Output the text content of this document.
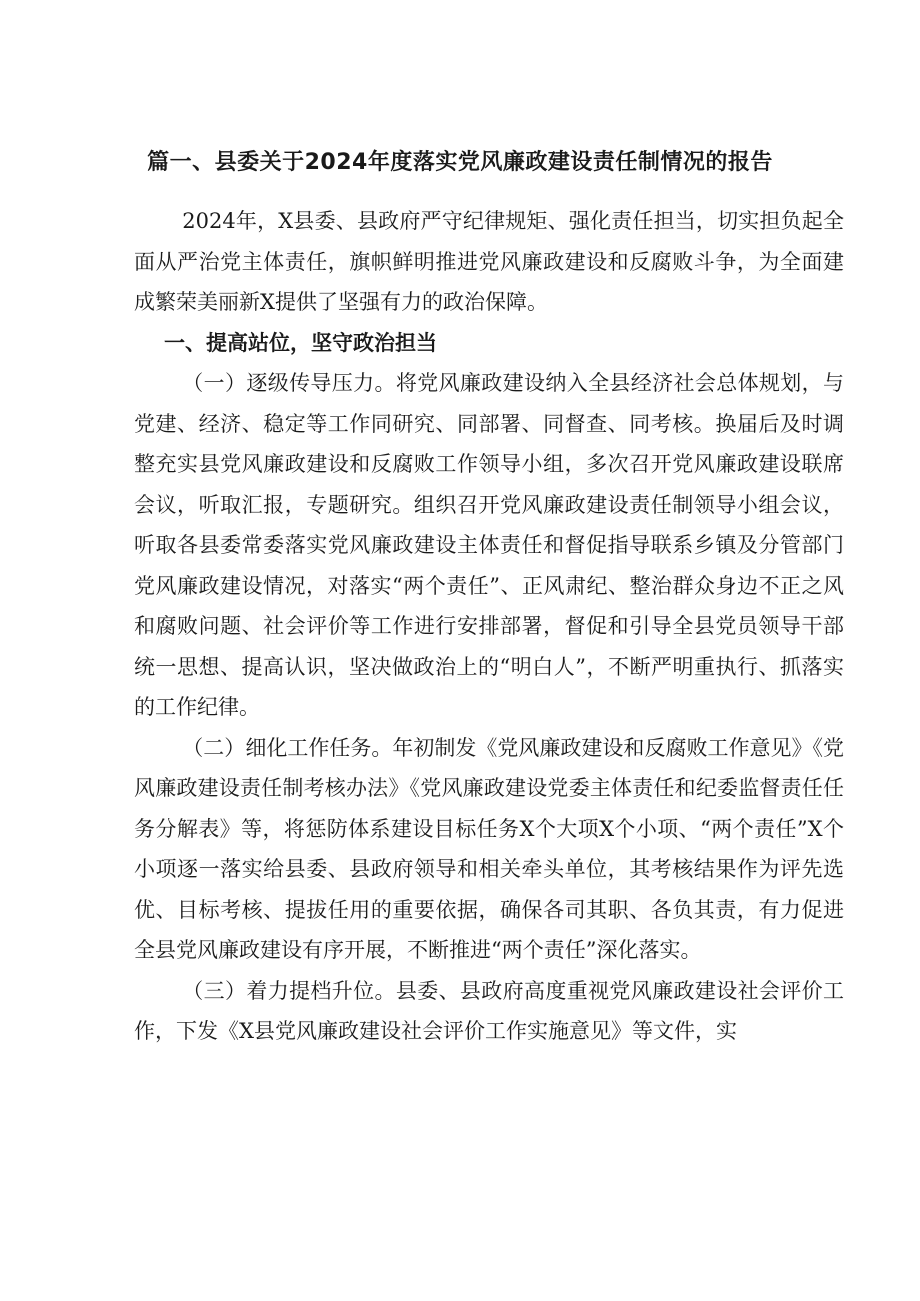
篇一、县委关于2024年度落实党风廉政建设责任制情况的报告

2024年，X县委、县政府严守纪律规矩、强化责任担当，切实担负起全面从严治党主体责任，旗帜鲜明推进党风廉政建设和反腐败斗争，为全面建成繁荣美丽新X提供了坚强有力的政治保障。

一、提高站位，坚守政治担当

（一）逐级传导压力。将党风廉政建设纳入全县经济社会总体规划，与党建、经济、稳定等工作同研究、同部署、同督查、同考核。换届后及时调整充实县党风廉政建设和反腐败工作领导小组，多次召开党风廉政建设联席会议，听取汇报，专题研究。组织召开党风廉政建设责任制领导小组会议，听取各县委常委落实党风廉政建设主体责任和督促指导联系乡镇及分管部门党风廉政建设情况，对落实“两个责任”、正风肃纪、整治群众身边不正之风和腐败问题、社会评价等工作进行安排部署，督促和引导全县党员领导干部统一思想、提高认识，坚决做政治上的“明白人”，不断严明重执行、抓落实的工作纪律。

（二）细化工作任务。年初制发《党风廉政建设和反腐败工作意见》《党风廉政建设责任制考核办法》《党风廉政建设党委主体责任和纪委监督责任任务分解表》等，将惩防体系建设目标任务X个大项X个小项、“两个责任”X个小项逐一落实给县委、县政府领导和相关牵头单位，其考核结果作为评先选优、目标考核、提拔任用的重要依据，确保各司其职、各负其责，有力促进全县党风廉政建设有序开展，不断推进“两个责任”深化落实。

（三）着力提档升位。县委、县政府高度重视党风廉政建设社会评价工作，下发《X县党风廉政建设社会评价工作实施意见》等文件，实
